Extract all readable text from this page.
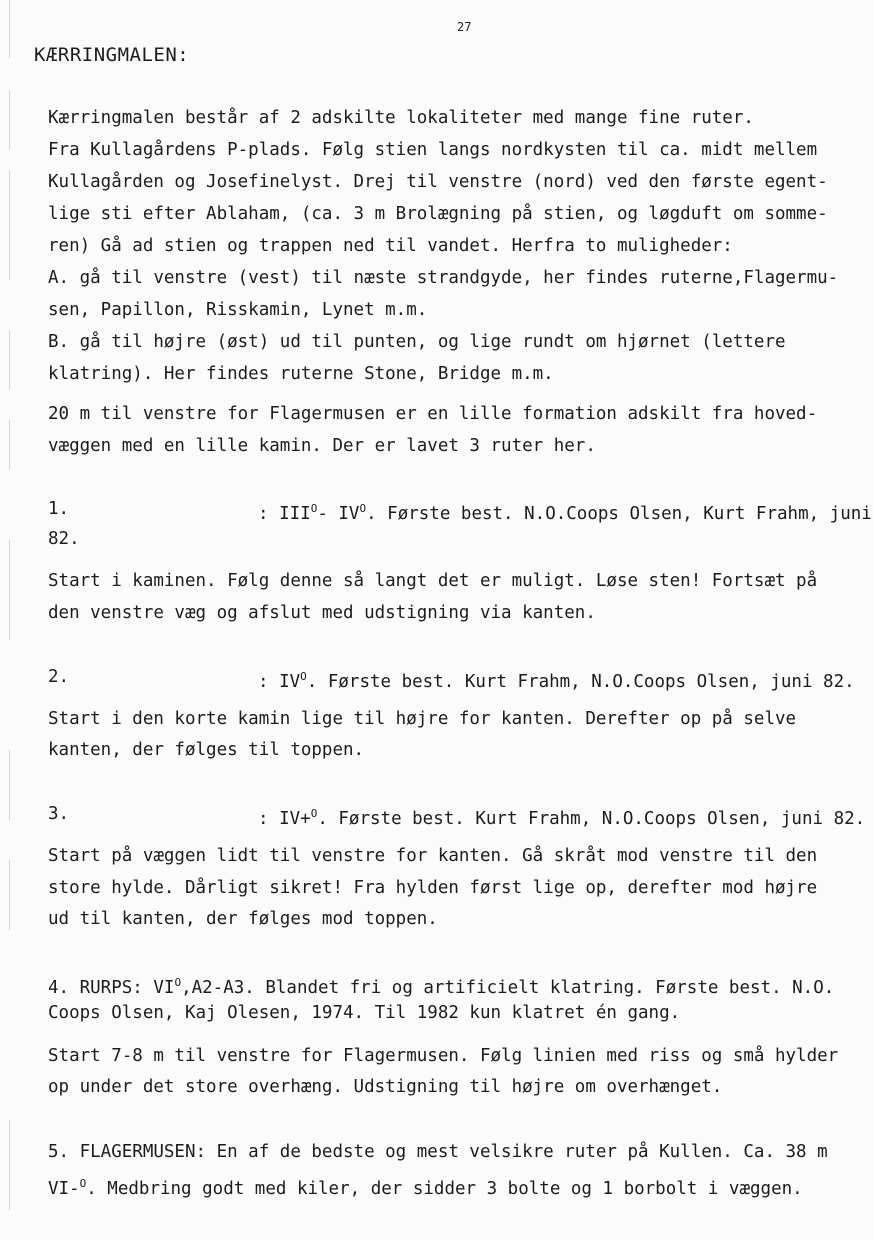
27
KÆRRINGMALEN:
Kærringmalen består af 2 adskilte lokaliteter med mange fine ruter.
Fra Kullagårdens P-plads. Følg stien langs nordkysten til ca. midt mellem
Kullagården og Josefinelyst. Drej til venstre (nord) ved den første egent-
lige sti efter Ablaham, (ca. 3 m Brolægning på stien, og løgduft om somme-
ren) Gå ad stien og trappen ned til vandet. Herfra to muligheder:
A. gå til venstre (vest) til næste strandgyde, her findes ruterne,Flagermu-
sen, Papillon, Risskamin, Lynet m.m.
B. gå til højre (øst) ud til punten, og lige rundt om hjørnet (lettere
klatring). Her findes ruterne Stone, Bridge m.m.
20 m til venstre for Flagermusen er en lille formation adskilt fra hoved-
væggen med en lille kamin. Der er lavet 3 ruter her.
1.	: $III^O-$ $IV^O$. Første best. N.O.Coops Olsen, Kurt Frahm, juni
82.
Start i kaminen. Følg denne så langt det er muligt. Løse sten! Fortsæt på
den venstre væg og afslut med udstigning via kanten.
2.	: $IV^O$. Første best. Kurt Frahm, N.O.Coops Olsen, juni 82.
Start i den korte kamin lige til højre for kanten. Derefter op på selve
kanten, der følges til toppen.
3.	: IV+$^O$. Første best. Kurt Frahm, N.O.Coops Olsen, juni 82.
Start på væggen lidt til venstre for kanten. Gå skråt mod venstre til den
store hylde. Dårligt sikret! Fra hylden først lige op, derefter mod højre
ud til kanten, der følges mod toppen.
4. RURPS: $VI^O,A2-A3$. Blandet fri og artificielt klatring. Første best. N.O.
Coops Olsen, Kaj Olesen, 1974. Til 1982 kun klatret én gang.
Start 7-8 m til venstre for Flagermusen. Følg linien med riss og små hylder
op under det store overhæng. Udstigning til højre om overhænget.
5. FLAGERMUSEN: En af de bedste og mest velsikre ruter på Kullen. Ca. 38 m
VI-$^O$. Medbring godt med kiler, der sidder 3 bolte og 1 borbolt i væggen.
